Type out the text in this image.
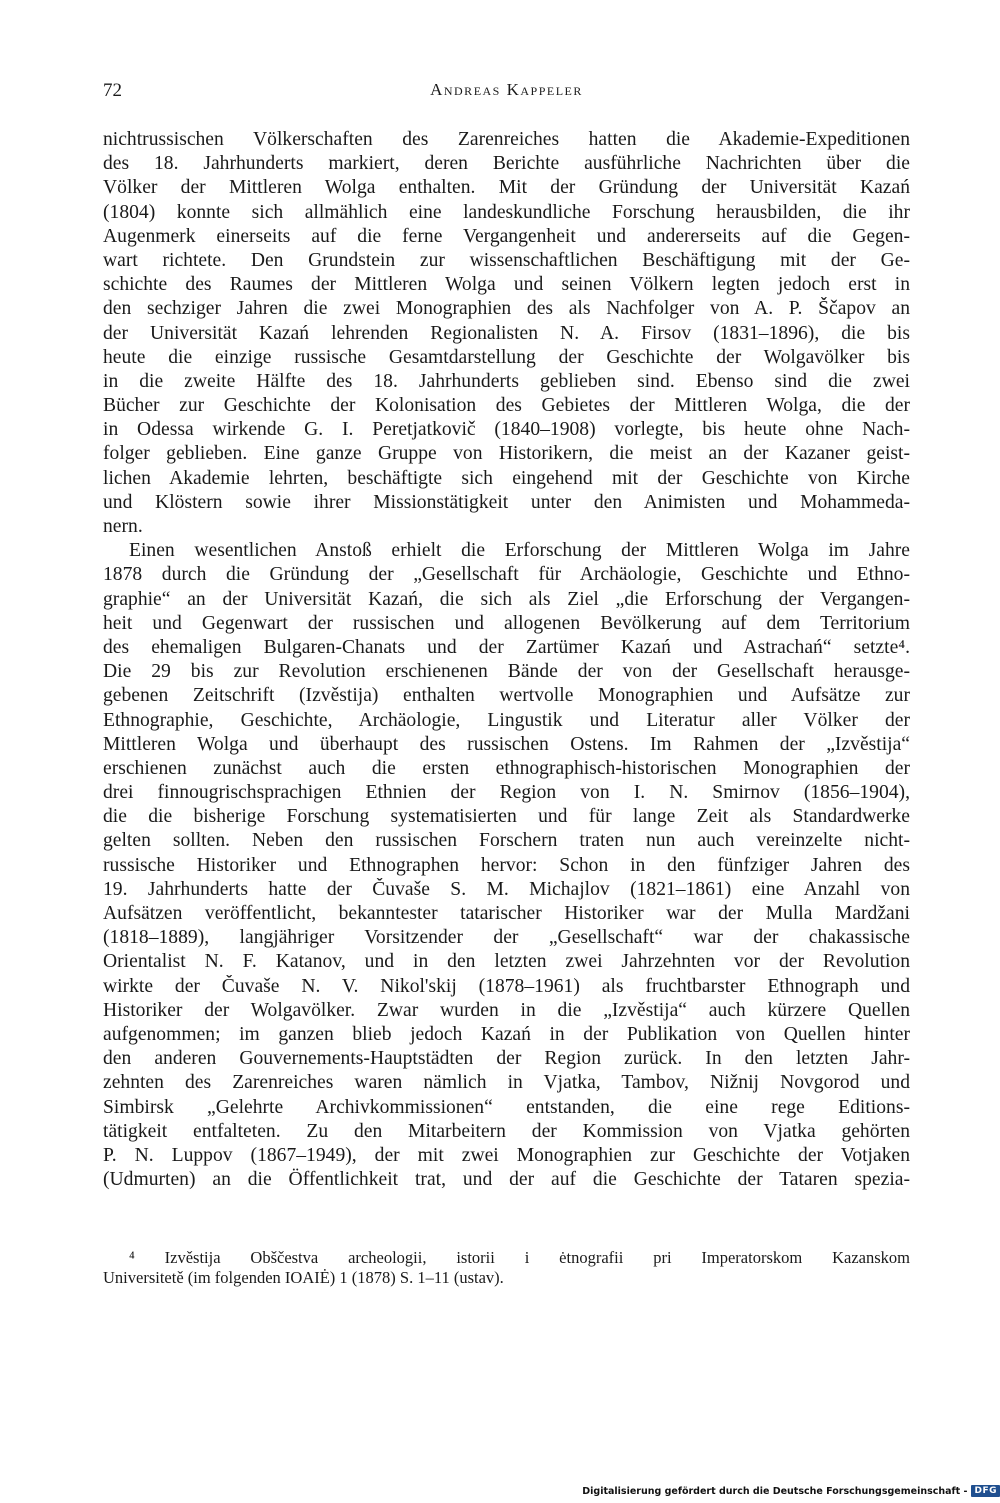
72	Andreas Kappeler
nichtrussischen Völkerschaften des Zarenreiches hatten die Akademie-Expeditionen
des 18. Jahrhunderts markiert, deren Berichte ausführliche Nachrichten über die
Völker der Mittleren Wolga enthalten. Mit der Gründung der Universität Kazań
(1804) konnte sich allmählich eine landeskundliche Forschung herausbilden, die ihr
Augenmerk einerseits auf die ferne Vergangenheit und andererseits auf die Gegen-
wart richtete. Den Grundstein zur wissenschaftlichen Beschäftigung mit der Ge-
schichte des Raumes der Mittleren Wolga und seinen Völkern legten jedoch erst in
den sechziger Jahren die zwei Monographien des als Nachfolger von A. P. Ščapov an
der Universität Kazań lehrenden Regionalisten N. A. Firsov (1831–1896), die bis
heute die einzige russische Gesamtdarstellung der Geschichte der Wolgavölker bis
in die zweite Hälfte des 18. Jahrhunderts geblieben sind. Ebenso sind die zwei
Bücher zur Geschichte der Kolonisation des Gebietes der Mittleren Wolga, die der
in Odessa wirkende G. I. Peretjatkovič (1840–1908) vorlegte, bis heute ohne Nach-
folger geblieben. Eine ganze Gruppe von Historikern, die meist an der Kazaner geist-
lichen Akademie lehrten, beschäftigte sich eingehend mit der Geschichte von Kirche
und Klöstern sowie ihrer Missionstätigkeit unter den Animisten und Mohammeda-
nern.
Einen wesentlichen Anstoß erhielt die Erforschung der Mittleren Wolga im Jahre
1878 durch die Gründung der „Gesellschaft für Archäologie, Geschichte und Ethno-
graphie“ an der Universität Kazań, die sich als Ziel „die Erforschung der Vergangen-
heit und Gegenwart der russischen und allogenen Bevölkerung auf dem Territorium
des ehemaligen Bulgaren-Chanats und der Zartümer Kazań und Astrachań“ setzte⁴.
Die 29 bis zur Revolution erschienenen Bände der von der Gesellschaft herausge-
gebenen Zeitschrift (Izvěstija) enthalten wertvolle Monographien und Aufsätze zur
Ethnographie, Geschichte, Archäologie, Lingustik und Literatur aller Völker der
Mittleren Wolga und überhaupt des russischen Ostens. Im Rahmen der „Izvěstija“
erschienen zunächst auch die ersten ethnographisch-historischen Monographien der
drei finnougrischsprachigen Ethnien der Region von I. N. Smirnov (1856–1904),
die die bisherige Forschung systematisierten und für lange Zeit als Standardwerke
gelten sollten. Neben den russischen Forschern traten nun auch vereinzelte nicht-
russische Historiker und Ethnographen hervor: Schon in den fünfziger Jahren des
19. Jahrhunderts hatte der Čuvaše S. M. Michajlov (1821–1861) eine Anzahl von
Aufsätzen veröffentlicht, bekanntester tatarischer Historiker war der Mulla Mardžani
(1818–1889), langjähriger Vorsitzender der „Gesellschaft“ war der chakassische
Orientalist N. F. Katanov, und in den letzten zwei Jahrzehnten vor der Revolution
wirkte der Čuvaše N. V. Nikol'skij (1878–1961) als fruchtbarster Ethnograph und
Historiker der Wolgavölker. Zwar wurden in die „Izvěstija“ auch kürzere Quellen
aufgenommen; im ganzen blieb jedoch Kazań in der Publikation von Quellen hinter
den anderen Gouvernements-Hauptstädten der Region zurück. In den letzten Jahr-
zehnten des Zarenreiches waren nämlich in Vjatka, Tambov, Nižnij Novgorod und
Simbirsk „Gelehrte Archivkommissionen“ entstanden, die eine rege Editions-
tätigkeit entfalteten. Zu den Mitarbeitern der Kommission von Vjatka gehörten
P. N. Luppov (1867–1949), der mit zwei Monographien zur Geschichte der Votjaken
(Udmurten) an die Öffentlichkeit trat, und der auf die Geschichte der Tataren spezia-
⁴ Izvěstija Obščestva archeologii, istorii i ėtnografii pri Imperatorskom Kazanskom
Universitetě (im folgenden IOAIĖ) 1 (1878) S. 1–11 (ustav).
Digitalisierung gefördert durch die Deutsche Forschungsgemeinschaft - DFG
